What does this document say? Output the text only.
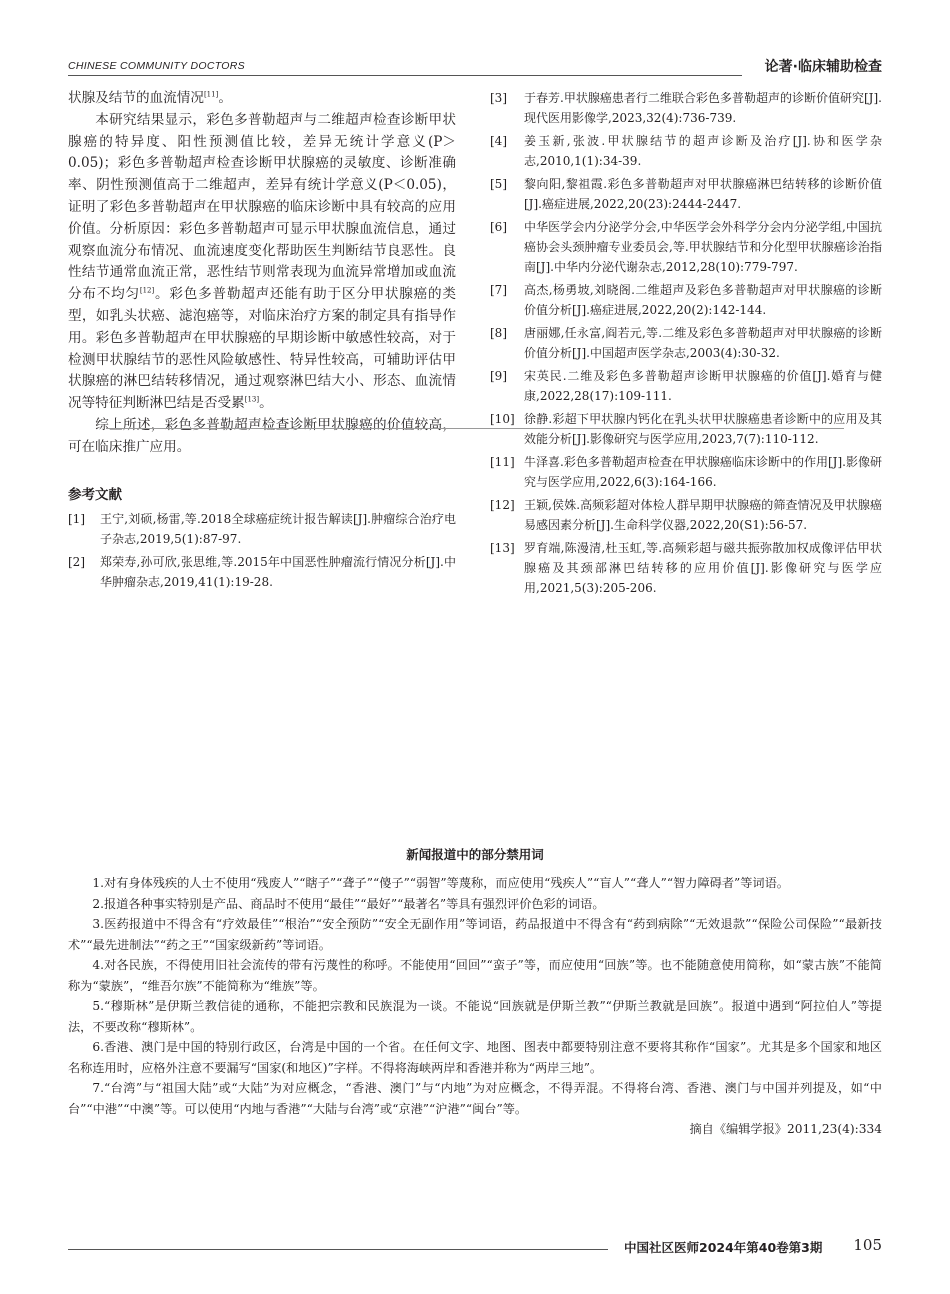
CHINESE COMMUNITY DOCTORS	论著·临床辅助检查

状腺及结节的血流情况[11]。

本研究结果显示，彩色多普勒超声与二维超声检查诊断甲状腺癌的特异度、阳性预测值比较，差异无统计学意义(P＞0.05)；彩色多普勒超声检查诊断甲状腺癌的灵敏度、诊断准确率、阴性预测值高于二维超声，差异有统计学意义(P＜0.05)，证明了彩色多普勒超声在甲状腺癌的临床诊断中具有较高的应用价值。分析原因：彩色多普勒超声可显示甲状腺血流信息，通过观察血流分布情况、血流速度变化帮助医生判断结节良恶性。良性结节通常血流正常，恶性结节则常表现为血流异常增加或血流分布不均匀[12]。彩色多普勒超声还能有助于区分甲状腺癌的类型，如乳头状癌、滤泡癌等，对临床治疗方案的制定具有指导作用。彩色多普勒超声在甲状腺癌的早期诊断中敏感性较高，对于检测甲状腺结节的恶性风险敏感性、特异性较高，可辅助评估甲状腺癌的淋巴结转移情况，通过观察淋巴结大小、形态、血流情况等特征判断淋巴结是否受累[13]。

综上所述，彩色多普勒超声检查诊断甲状腺癌的价值较高，可在临床推广应用。

参考文献
[1]	王宁,刘硕,杨雷,等.2018全球癌症统计报告解读[J].肿瘤综合治疗电子杂志,2019,5(1):87-97.
[2]	郑荣寿,孙可欣,张思维,等.2015年中国恶性肿瘤流行情况分析[J].中华肿瘤杂志,2019,41(1):19-28.
[3]	于春芳.甲状腺癌患者行二维联合彩色多普勒超声的诊断价值研究[J].现代医用影像学,2023,32(4):736-739.
[4]	姜玉新,张波.甲状腺结节的超声诊断及治疗[J].协和医学杂志,2010,1(1):34-39.
[5]	黎向阳,黎祖霞.彩色多普勒超声对甲状腺癌淋巴结转移的诊断价值[J].癌症进展,2022,20(23):2444-2447.
[6]	中华医学会内分泌学分会,中华医学会外科学分会内分泌学组,中国抗癌协会头颈肿瘤专业委员会,等.甲状腺结节和分化型甲状腺癌诊治指南[J].中华内分泌代谢杂志,2012,28(10):779-797.
[7]	高杰,杨勇坡,刘晓阁.二维超声及彩色多普勒超声对甲状腺癌的诊断价值分析[J].癌症进展,2022,20(2):142-144.
[8]	唐丽娜,任永富,阎若元,等.二维及彩色多普勒超声对甲状腺癌的诊断价值分析[J].中国超声医学杂志,2003(4):30-32.
[9]	宋英民.二维及彩色多普勒超声诊断甲状腺癌的价值[J].婚育与健康,2022,28(17):109-111.
[10] 徐静.彩超下甲状腺内钙化在乳头状甲状腺癌患者诊断中的应用及其效能分析[J].影像研究与医学应用,2023,7(7):110-112.
[11] 牛泽喜.彩色多普勒超声检查在甲状腺癌临床诊断中的作用[J].影像研究与医学应用,2022,6(3):164-166.
[12] 王颖,侯姝.高频彩超对体检人群早期甲状腺癌的筛查情况及甲状腺癌易感因素分析[J].生命科学仪器,2022,20(S1):56-57.
[13] 罗育端,陈漫清,杜玉虹,等.高频彩超与磁共振弥散加权成像评估甲状腺癌及其颈部淋巴结转移的应用价值[J].影像研究与医学应用,2021,5(3):205-206.
新闻报道中的部分禁用词

1.对有身体残疾的人士不使用“残废人”“瞎子”“聋子”“傻子”“弱智”等蔑称，而应使用“残疾人”“盲人”“聋人”“智力障碍者”等词语。

2.报道各种事实特别是产品、商品时不使用“最佳”“最好”“最著名”等具有强烈评价色彩的词语。

3.医药报道中不得含有“疗效最佳”“根治”“安全预防”“安全无副作用”等词语，药品报道中不得含有“药到病除”“无效退款”“保险公司保险”“最新技术”“最先进制法”“药之王”“国家级新药”等词语。

4.对各民族，不得使用旧社会流传的带有污蔑性的称呼。不能使用“回回”“蛮子”等，而应使用“回族”等。也不能随意使用简称，如“蒙古族”不能简称为“蒙族”，“维吾尔族”不能简称为“维族”等。

5.“穆斯林”是伊斯兰教信徒的通称，不能把宗教和民族混为一谈。不能说“回族就是伊斯兰教”“伊斯兰教就是回族”。报道中遇到“阿拉伯人”等提法，不要改称“穆斯林”。

6.香港、澳门是中国的特别行政区，台湾是中国的一个省。在任何文字、地图、图表中都要特别注意不要将其称作“国家”。尤其是多个国家和地区名称连用时，应格外注意不要漏写“国家(和地区)”字样。不得将海峡两岸和香港并称为“两岸三地”。

7.“台湾”与“祖国大陆”或“大陆”为对应概念，“香港、澳门”与“内地”为对应概念，不得弄混。不得将台湾、香港、澳门与中国并列提及，如“中台”“中港”“中澳”等。可以使用“内地与香港”“大陆与台湾”或“京港”“沪港”“闽台”等。

摘自《编辑学报》2011,23(4):334

中国社区医师2024年第40卷第3期 105
